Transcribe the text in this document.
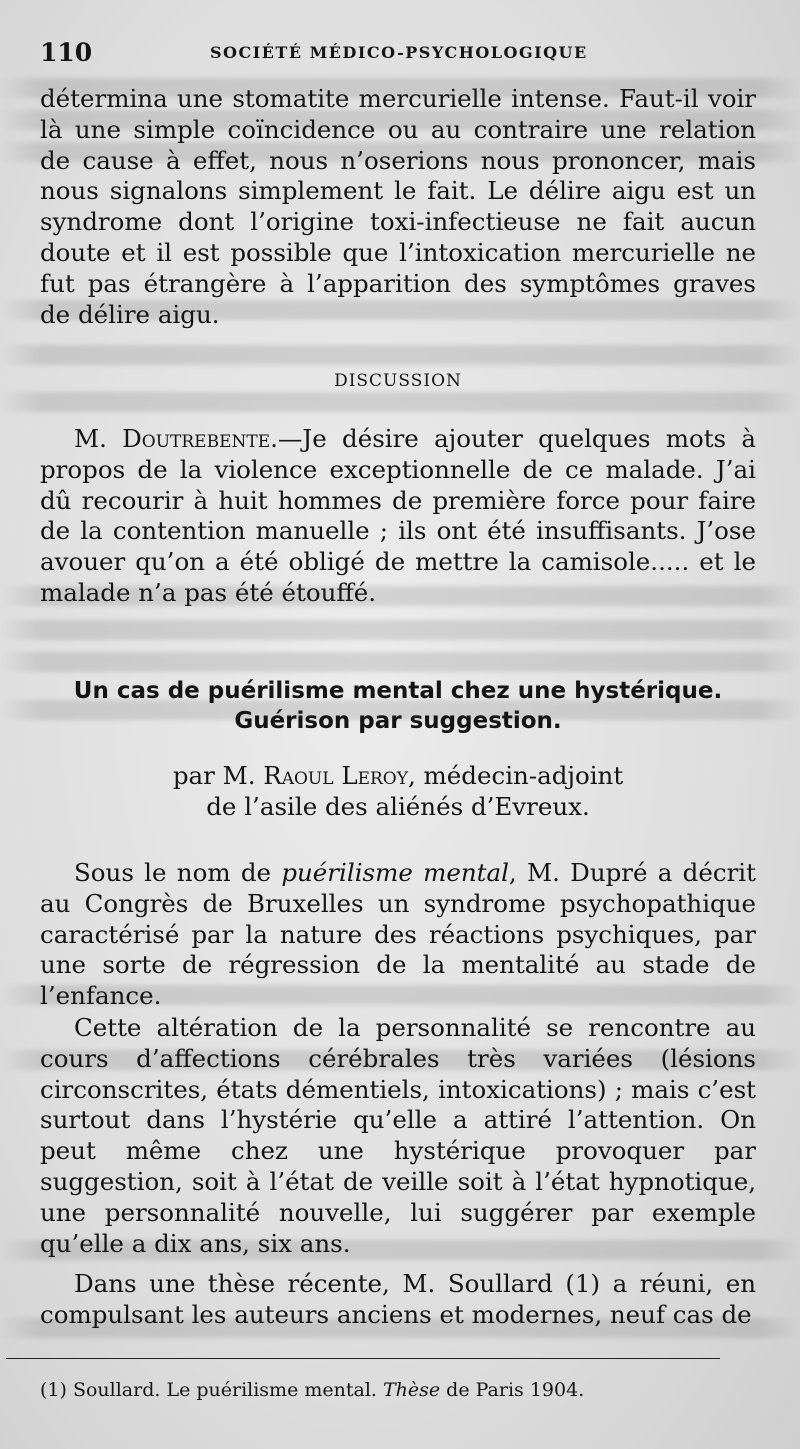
110	SOCIÉTÉ MÉDICO-PSYCHOLOGIQUE

détermina une stomatite mercurielle intense. Faut-il voir là une simple coïncidence ou au contraire une relation de cause à effet, nous n’oserions nous prononcer, mais nous signalons simplement le fait. Le délire aigu est un syndrome dont l’origine toxi-infectieuse ne fait aucun doute et il est possible que l’intoxication mercurielle ne fut pas étrangère à l’apparition des symptômes graves de délire aigu.

DISCUSSION

M. Doutrebente.—Je désire ajouter quelques mots à propos de la violence exceptionnelle de ce malade. J’ai dû recourir à huit hommes de première force pour faire de la contention manuelle ; ils ont été insuffisants. J’ose avouer qu’on a été obligé de mettre la camisole..... et le malade n’a pas été étouffé.

Un cas de puérilisme mental chez une hystérique.
Guérison par suggestion.
par M. Raoul Leroy, médecin-adjoint
de l’asile des aliénés d’Evreux.

Sous le nom de puérilisme mental, M. Dupré a décrit au Congrès de Bruxelles un syndrome psychopathique caractérisé par la nature des réactions psychiques, par une sorte de régression de la mentalité au stade de l’enfance.

Cette altération de la personnalité se rencontre au cours d’affections cérébrales très variées (lésions circonscrites, états démentiels, intoxications) ; mais c’est surtout dans l’hystérie qu’elle a attiré l’attention. On peut même chez une hystérique provoquer par suggestion, soit à l’état de veille soit à l’état hypnotique, une personnalité nouvelle, lui suggérer par exemple qu’elle a dix ans, six ans.

Dans une thèse récente, M. Soullard (1) a réuni, en compulsant les auteurs anciens et modernes, neuf cas de

(1) Soullard. Le puérilisme mental. Thèse de Paris 1904.
